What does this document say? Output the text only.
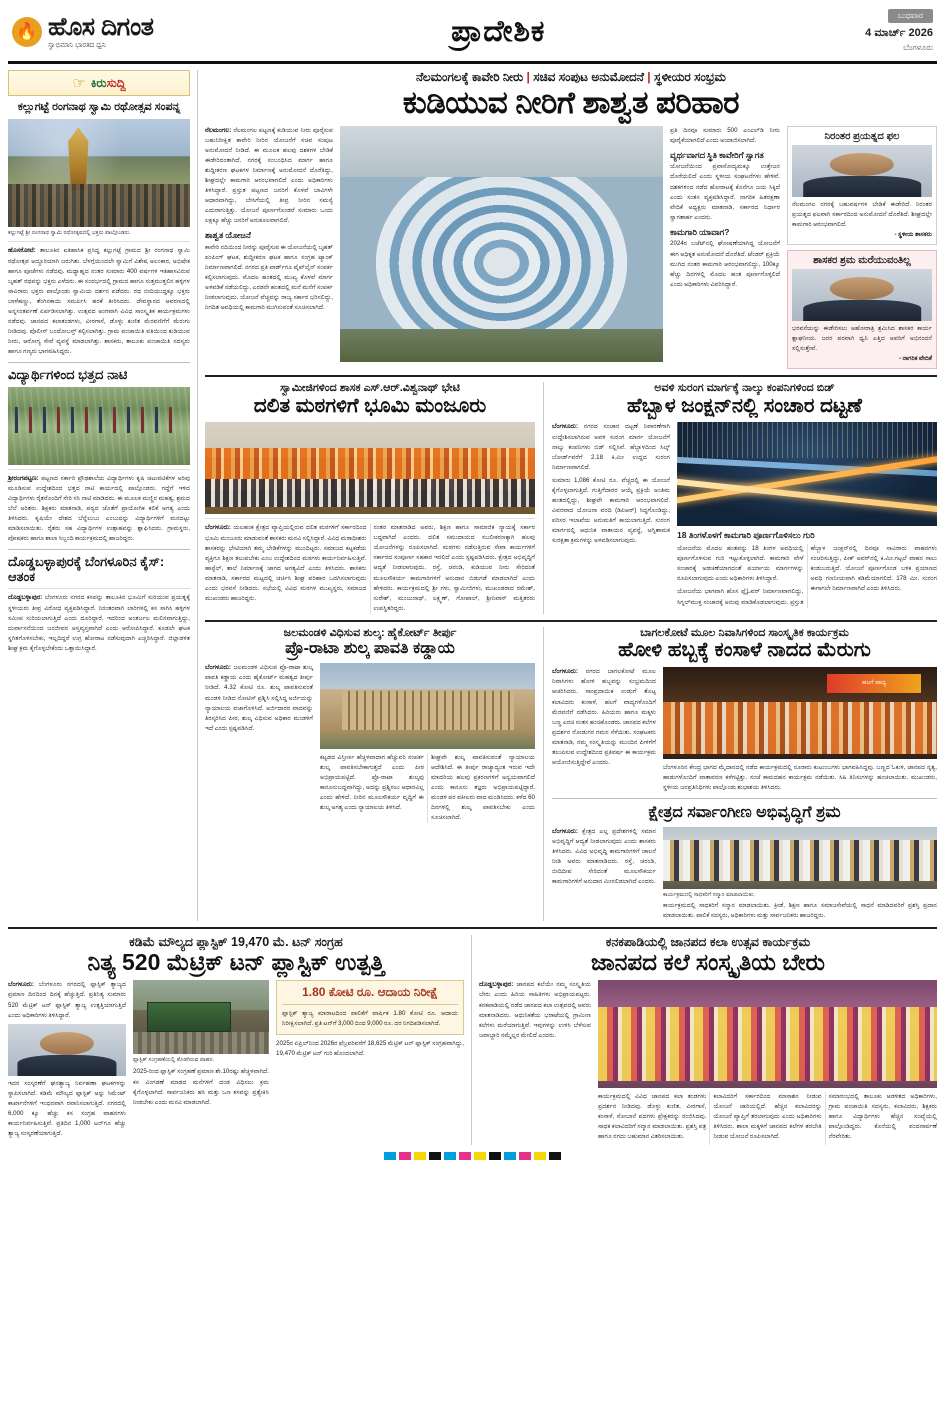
🔥 ಹೊಸ ದಿಗಂತ
ಸ್ವಾಭಿಮಾನಿ ಭಾರತದ ಧ್ವನಿ	ಪ್ರಾದೇಶಿಕ	ಬುಧವಾರ
4 ಮಾರ್ಚ್ 2026
ಬೆಂಗಳೂರು
☞ ಕಿರುಸುದ್ದಿ
ಕಲ್ಲುಗಟ್ಟೆ ರಂಗನಾಥ ಸ್ವಾಮಿ ರಥೋತ್ಸವ ಸಂಪನ್ನ
ಕಲ್ಲುಗಟ್ಟೆ ಶ್ರೀ ರಂಗನಾಥ ಸ್ವಾಮಿ ರಥೋತ್ಸವದಲ್ಲಿ ಭಕ್ತರು ಪಾಲ್ಗೊಂಡರು.

ಹೊಸಕೋಟೆ: ತಾಲೂಕಿನ ಐತಿಹಾಸಿಕ ಪ್ರಸಿದ್ಧ ಕಲ್ಲುಗಟ್ಟೆ ಗ್ರಾಮದ ಶ್ರೀ ರಂಗನಾಥ ಸ್ವಾಮಿ ರಥೋತ್ಸವ ಅದ್ಧೂರಿಯಾಗಿ ಜರುಗಿತು. ಬೆಳಗ್ಗೆಯಿಂದಲೇ ಸ್ವಾಮಿಗೆ ವಿಶೇಷ ಅಲಂಕಾರ, ಅಭಿಷೇಕ ಹಾಗೂ ಪೂಜೆಗಳು ನಡೆದವು. ಮಧ್ಯಾಹ್ನದ ನಂತರ ಸುಮಾರು 400 ವರ್ಷಗಳ ಇತಿಹಾಸವಿರುವ ಬೃಹತ್ ರಥವನ್ನು ಭಕ್ತರು ಎಳೆದರು. ಈ ಸಂದರ್ಭದಲ್ಲಿ ಗ್ರಾಮದ ಹಾಗೂ ಸುತ್ತಮುತ್ತಲಿನ ಹಳ್ಳಿಗಳ ಸಾವಿರಾರು ಭಕ್ತರು ಪಾಲ್ಗೊಂಡು ಸ್ವಾಮಿಯ ದರ್ಶನ ಪಡೆದರು. ರಥ ಬೀದಿಯುದ್ದಕ್ಕೂ ಭಕ್ತರು ಬಾಳೆಹಣ್ಣು, ತೆಂಗಿನಕಾಯಿ ಸಮರ್ಪಿಸಿ ಹರಕೆ ತೀರಿಸಿದರು. ದೇವಸ್ಥಾನದ ಆವರಣದಲ್ಲಿ ಅನ್ನಸಂತರ್ಪಣೆ ಏರ್ಪಡಿಸಲಾಗಿತ್ತು. ಉತ್ಸವದ ಅಂಗವಾಗಿ ವಿವಿಧ ಸಾಂಸ್ಕೃತಿಕ ಕಾರ್ಯಕ್ರಮಗಳು ನಡೆದವು. ಜಾನಪದ ಕಲಾತಂಡಗಳು, ವೀರಗಾಸೆ, ಡೊಳ್ಳು ಕುಣಿತ ಮೆರವಣಿಗೆಗೆ ಮೆರುಗು ನೀಡಿದವು. ಪೊಲೀಸ್ ಬಂದೋಬಸ್ತ್ ಕಲ್ಪಿಸಲಾಗಿತ್ತು. ಗ್ರಾಮ ಪಂಚಾಯಿತಿ ವತಿಯಿಂದ ಕುಡಿಯುವ ನೀರು, ಆರೋಗ್ಯ ಸೇವೆ ವ್ಯವಸ್ಥೆ ಮಾಡಲಾಗಿತ್ತು. ಶಾಸಕರು, ತಾಲೂಕು ಪಂಚಾಯಿತಿ ಸದಸ್ಯರು ಹಾಗೂ ಗಣ್ಯರು ಭಾಗವಹಿಸಿದ್ದರು.

ವಿದ್ಯಾರ್ಥಿಗಳಿಂದ ಭತ್ತದ ನಾಟಿ

ಶ್ರೀರಂಗಪಟ್ಟಣ: ಪಟ್ಟಣದ ಸರ್ಕಾರಿ ಪ್ರೌಢಶಾಲೆಯ ವಿದ್ಯಾರ್ಥಿಗಳು ಕೃಷಿ ಚಟುವಟಿಕೆಗಳ ಅರಿವು ಮೂಡಿಸುವ ಉದ್ದೇಶದಿಂದ ಭತ್ತದ ನಾಟಿ ಕಾರ್ಯದಲ್ಲಿ ಪಾಲ್ಗೊಂಡರು. ಗದ್ದೆಗೆ ಇಳಿದ ವಿದ್ಯಾರ್ಥಿಗಳು ರೈತರೊಂದಿಗೆ ಸೇರಿ ಸಸಿ ನಾಟಿ ಮಾಡಿದರು. ಈ ಮೂಲಕ ಮಣ್ಣಿನ ಮಹತ್ವ, ಶ್ರಮದ ಬೆಲೆ ಅರಿತರು. ಶಿಕ್ಷಕರು ಮಾತನಾಡಿ, ಪಠ್ಯದ ಜೊತೆಗೆ ಪ್ರಾಯೋಗಿಕ ಕಲಿಕೆ ಅಗತ್ಯ ಎಂದು ತಿಳಿಸಿದರು. ಕೃಷಿಯೇ ದೇಶದ ಬೆನ್ನೆಲುಬು ಎಂಬುದನ್ನು ವಿದ್ಯಾರ್ಥಿಗಳಿಗೆ ಮನದಟ್ಟು ಮಾಡಿಸಲಾಯಿತು. ರೈತರು ಸಹ ವಿದ್ಯಾರ್ಥಿಗಳ ಉತ್ಸಾಹವನ್ನು ಶ್ಲಾಘಿಸಿದರು. ಗ್ರಾಮಸ್ಥರು, ಪೋಷಕರು ಹಾಗೂ ಶಾಲಾ ಸಿಬ್ಬಂದಿ ಕಾರ್ಯಕ್ರಮದಲ್ಲಿ ಹಾಜರಿದ್ದರು.

ದೊಡ್ಡಬಳ್ಳಾಪುರಕ್ಕೆ ಬೆಂಗಳೂರಿನ ಕೈಸ್: ಆತಂಕ

ದೊಡ್ಡಬಳ್ಳಾಪುರ: ಬೆಂಗಳೂರು ನಗರದ ಕಸವನ್ನು ತಾಲೂಕಿನ ಭೂಮಿಗೆ ಸುರಿಯುವ ಪ್ರಯತ್ನಕ್ಕೆ ಸ್ಥಳೀಯರು ತೀವ್ರ ವಿರೋಧ ವ್ಯಕ್ತಪಡಿಸಿದ್ದಾರೆ. ನಿರಂತರವಾಗಿ ಲಾರಿಗಳಲ್ಲಿ ಕಸ ಸಾಗಿಸಿ ಹಳ್ಳಿಗಳ ಸಮೀಪ ಸುರಿಯಲಾಗುತ್ತಿದೆ ಎಂದು ದೂರಿದ್ದಾರೆ. ಇದರಿಂದ ಅಂತರ್ಜಲ ಮಲಿನವಾಗುತ್ತಿದ್ದು, ದುರ್ವಾಸನೆಯಿಂದ ಜನಜೀವನ ಅಸ್ತವ್ಯಸ್ತವಾಗಿದೆ ಎಂದು ಆರೋಪಿಸಿದ್ದಾರೆ. ಕೂಡಲೇ ಘಟಕ ಸ್ಥಗಿತಗೊಳಿಸಬೇಕು, ಇಲ್ಲದಿದ್ದರೆ ಉಗ್ರ ಹೋರಾಟ ನಡೆಸುವುದಾಗಿ ಎಚ್ಚರಿಸಿದ್ದಾರೆ. ಜಿಲ್ಲಾಡಳಿತ ಶೀಘ್ರ ಕ್ರಮ ಕೈಗೊಳ್ಳಬೇಕೆಂದು ಒತ್ತಾಯಿಸಿದ್ದಾರೆ.

ನೆಲಮಂಗಲಕ್ಕೆ ಕಾವೇರಿ ನೀರು | ಸಚಿವ ಸಂಪುಟ ಅನುಮೋದನೆ | ಸ್ಥಳೀಯರ ಸಂಭ್ರಮ
ಕುಡಿಯುವ ನೀರಿಗೆ ಶಾಶ್ವತ ಪರಿಹಾರ

ನೆಲಮಂಗಲ: ನೆಲಮಂಗಲ ಪಟ್ಟಣಕ್ಕೆ ಕುಡಿಯುವ ನೀರು ಪೂರೈಸುವ ಬಹುನಿರೀಕ್ಷಿತ ಕಾವೇರಿ ನೀರಿನ ಯೋಜನೆಗೆ ಸಚಿವ ಸಂಪುಟ ಅನುಮೋದನೆ ನೀಡಿದೆ. ಈ ಮೂಲಕ ಹಲವು ದಶಕಗಳ ಬೇಡಿಕೆ ಈಡೇರಿದಂತಾಗಿದೆ. ನಗರಕ್ಕೆ ಸಂಬಂಧಿಸಿದ ಮಾರ್ಗ ಹಾಗೂ ಶುದ್ಧೀಕರಣ ಘಟಕಗಳ ನಿರ್ಮಾಣಕ್ಕೆ ಅನುಮೋದನೆ ದೊರೆತಿದ್ದು, ಶೀಘ್ರದಲ್ಲೇ ಕಾಮಗಾರಿ ಆರಂಭವಾಗಲಿದೆ ಎಂದು ಅಧಿಕಾರಿಗಳು ತಿಳಿಸಿದ್ದಾರೆ. ಪ್ರಸ್ತುತ ಪಟ್ಟಣದ ಜನರಿಗೆ ಕೊಳವೆ ಬಾವಿಗಳೇ ಆಧಾರವಾಗಿದ್ದು, ಬೇಸಿಗೆಯಲ್ಲಿ ತೀವ್ರ ನೀರಿನ ಸಮಸ್ಯೆ ಎದುರಾಗುತ್ತಿತ್ತು. ಯೋಜನೆ ಪೂರ್ಣಗೊಂಡರೆ ಸುಮಾರು ಒಂದು ಲಕ್ಷಕ್ಕೂ ಹೆಚ್ಚು ಜನರಿಗೆ ಅನುಕೂಲವಾಗಲಿದೆ.

ಶಾಶ್ವತ ಯೋಜನೆ

ಕಾವೇರಿ ನದಿಯಿಂದ ನೀರನ್ನು ಪೂರೈಸುವ ಈ ಯೋಜನೆಯಲ್ಲಿ ಬೃಹತ್ ಪಂಪಿಂಗ್ ಘಟಕ, ಶುದ್ಧೀಕರಣ ಘಟಕ ಹಾಗೂ ಸಂಗ್ರಹ ಟ್ಯಾಂಕ್ ನಿರ್ಮಾಣವಾಗಲಿದೆ. ನಗರದ ಪ್ರತಿ ವಾರ್ಡ್‌ಗೂ ಪೈಪ್‌ಲೈನ್ ಸಂಪರ್ಕ ಕಲ್ಪಿಸಲಾಗುವುದು. ಮೊದಲ ಹಂತದಲ್ಲಿ ಮುಖ್ಯ ಕೊಳವೆ ಮಾರ್ಗ ಅಳವಡಿಕೆ ನಡೆಯಲಿದ್ದು, ಎರಡನೇ ಹಂತದಲ್ಲಿ ಮನೆ ಮನೆಗೆ ಸಂಪರ್ಕ ನೀಡಲಾಗುವುದು. ಯೋಜನೆ ವೆಚ್ಚವನ್ನು ರಾಜ್ಯ ಸರ್ಕಾರ ಭರಿಸಲಿದ್ದು, ನಿಗದಿತ ಅವಧಿಯಲ್ಲಿ ಕಾಮಗಾರಿ ಮುಗಿಸುವಂತೆ ಸೂಚಿಸಲಾಗಿದೆ.

ಪ್ರತಿ ದಿನವೂ ಸುಮಾರು 500 ಎಂಎಲ್‌ಡಿ ನೀರು ಪೂರೈಕೆಯಾಗಲಿದೆ ಎಂದು ಅಂದಾಜಿಸಲಾಗಿದೆ.

ವ್ಯರ್ಥವಾಗದ ಸ್ಥಿತಿ ಕಾವೇರಿಗೆ ಸ್ವಾಗತ

ಯೋಜನೆಯಿಂದ ಪ್ರವಾಸೋದ್ಯಮಕ್ಕೂ ಉತ್ತೇಜನ ದೊರೆಯಲಿದೆ ಎಂದು ಸ್ಥಳೀಯ ಸಂಘಟನೆಗಳು ಹೇಳಿವೆ. ದಶಕಗಳಿಂದ ನಡೆದ ಹೋರಾಟಕ್ಕೆ ಕೊನೆಗೂ ಜಯ ಸಿಕ್ಕಿದೆ ಎಂದು ಸಂತಸ ವ್ಯಕ್ತಪಡಿಸಿದ್ದಾರೆ. ನಾಗರಿಕ ಹಿತರಕ್ಷಣಾ ವೇದಿಕೆ ಅಧ್ಯಕ್ಷರು ಮಾತನಾಡಿ, ಸರ್ಕಾರದ ನಿರ್ಧಾರ ಸ್ವಾಗತಾರ್ಹ ಎಂದರು.

ಕಾಮಗಾರಿ ಯಾವಾಗ?

2024ರ ಬಜೆಟ್‌ನಲ್ಲಿ ಘೋಷಣೆಯಾಗಿದ್ದ ಯೋಜನೆಗೆ ಈಗ ಅಧಿಕೃತ ಅನುಮೋದನೆ ದೊರೆತಿದೆ. ಟೆಂಡರ್ ಪ್ರಕ್ರಿಯೆ ಮುಗಿದ ನಂತರ ಕಾಮಗಾರಿ ಆರಂಭವಾಗಲಿದ್ದು, 100ಕ್ಕೂ ಹೆಚ್ಚು ದಿನಗಳಲ್ಲಿ ಮೊದಲ ಹಂತ ಪೂರ್ಣಗೊಳ್ಳಲಿದೆ ಎಂದು ಅಧಿಕಾರಿಗಳು ವಿವರಿಸಿದ್ದಾರೆ.

ನಿರಂತರ ಪ್ರಯತ್ನದ ಫಲ
ನೆಲಮಂಗಲ ನಗರಕ್ಕೆ ಬಹುವರ್ಷಗಳ ಬೇಡಿಕೆ ಈಡೇರಿದೆ. ನಿರಂತರ ಪ್ರಯತ್ನದ ಫಲವಾಗಿ ಸರ್ಕಾರದಿಂದ ಅನುಮೋದನೆ ದೊರೆತಿದೆ. ಶೀಘ್ರದಲ್ಲೇ ಕಾಮಗಾರಿ ಆರಂಭವಾಗಲಿದೆ.
- ಸ್ಥಳೀಯ ಶಾಸಕರು
ಶಾಸಕರ ಶ್ರಮ ಮರೆಯುವಂತಿಲ್ಲ
ಭರವಸೆಯನ್ನು ಈಡೇರಿಸಲು ಅಹೋರಾತ್ರಿ ಶ್ರಮಿಸಿದ ಶಾಸಕರ ಕಾರ್ಯ ಶ್ಲಾಘನೀಯ. ಜನರ ಪರವಾಗಿ ಧ್ವನಿ ಎತ್ತಿದ ಅವರಿಗೆ ಅಭಿನಂದನೆ ಸಲ್ಲಿಸುತ್ತೇವೆ.
- ನಾಗರಿಕ ವೇದಿಕೆ
ಸ್ವಾಮೀಜಿಗಳಿಂದ ಶಾಸಕ ಎಸ್.ಆರ್.ವಿಶ್ವನಾಥ್ ಭೇಟಿ
ದಲಿತ ಮಠಗಳಿಗೆ ಭೂಮಿ ಮಂಜೂರು

ಬೆಂಗಳೂರು: ಯಲಹಂಕ ಕ್ಷೇತ್ರದ ವ್ಯಾಪ್ತಿಯಲ್ಲಿರುವ ದಲಿತ ಮಠಗಳಿಗೆ ಸರ್ಕಾರದಿಂದ ಭೂಮಿ ಮಂಜೂರು ಮಾಡುವಂತೆ ಶಾಸಕರು ಮನವಿ ಸಲ್ಲಿಸಿದ್ದಾರೆ. ವಿವಿಧ ಮಠಾಧೀಶರು ಶಾಸಕರನ್ನು ಭೇಟಿಯಾಗಿ ತಮ್ಮ ಬೇಡಿಕೆಗಳನ್ನು ಮುಂದಿಟ್ಟರು. ಸಮಾಜದ ಕಟ್ಟಕಡೆಯ ವ್ಯಕ್ತಿಗೂ ಶಿಕ್ಷಣ ತಲುಪಬೇಕು ಎಂಬ ಉದ್ದೇಶದಿಂದ ಮಠಗಳು ಕಾರ್ಯನಿರ್ವಹಿಸುತ್ತಿವೆ. ಹಾಸ್ಟೆಲ್, ಶಾಲೆ ನಿರ್ಮಾಣಕ್ಕೆ ಜಾಗದ ಅಗತ್ಯವಿದೆ ಎಂದು ತಿಳಿಸಿದರು. ಶಾಸಕರು ಮಾತನಾಡಿ, ಸರ್ಕಾರದ ಮಟ್ಟದಲ್ಲಿ ಚರ್ಚಿಸಿ ಶೀಘ್ರ ಪರಿಹಾರ ಒದಗಿಸಲಾಗುವುದು ಎಂದು ಭರವಸೆ ನೀಡಿದರು. ಸಭೆಯಲ್ಲಿ ವಿವಿಧ ಮಠಗಳ ಮುಖ್ಯಸ್ಥರು, ಸಮಾಜದ ಮುಖಂಡರು ಹಾಜರಿದ್ದರು.

ನಂತರ ಮಾತನಾಡಿದ ಅವರು, ಶಿಕ್ಷಣ ಹಾಗೂ ಸಾಮಾಜಿಕ ನ್ಯಾಯಕ್ಕೆ ಸರ್ಕಾರ ಬದ್ಧವಾಗಿದೆ ಎಂದರು. ದಲಿತ ಸಮುದಾಯದ ಸಬಲೀಕರಣಕ್ಕಾಗಿ ಹಲವು ಯೋಜನೆಗಳನ್ನು ರೂಪಿಸಲಾಗಿದೆ. ಮಠಗಳು ನಡೆಸುತ್ತಿರುವ ಸೇವಾ ಕಾರ್ಯಗಳಿಗೆ ಸರ್ಕಾರದ ಸಂಪೂರ್ಣ ಸಹಕಾರ ಇರಲಿದೆ ಎಂದು ಸ್ಪಷ್ಟಪಡಿಸಿದರು. ಕ್ಷೇತ್ರದ ಅಭಿವೃದ್ಧಿಗೆ ಆದ್ಯತೆ ನೀಡಲಾಗುವುದು. ರಸ್ತೆ, ಚರಂಡಿ, ಕುಡಿಯುವ ನೀರು ಸೇರಿದಂತೆ ಮೂಲಸೌಕರ್ಯ ಕಾಮಗಾರಿಗಳಿಗೆ ಅನುದಾನ ಬಿಡುಗಡೆ ಮಾಡಲಾಗಿದೆ ಎಂದು ಹೇಳಿದರು. ಕಾರ್ಯಕ್ರಮದಲ್ಲಿ ಶ್ರೀ ಗಳು, ಸ್ವಾಮೀಜಿಗಳು, ಮುಖಂಡರಾದ ರಮೇಶ್, ಸುರೇಶ್, ಮಂಜುನಾಥ್, ಲಕ್ಷ್ಮಣ್, ಗೋಪಾಲ್, ಶ್ರೀನಿವಾಸ್ ಮತ್ತಿತರರು ಉಪಸ್ಥಿತರಿದ್ದರು.

ಅವಳಿ ಸುರಂಗ ಮಾರ್ಗಕ್ಕೆ ನಾಲ್ಕು ಕಂಪನಿಗಳಿಂದ ಬಿಡ್
ಹೆಬ್ಬಾಳ ಜಂಕ್ಷನ್‌ನಲ್ಲಿ ಸಂಚಾರ ದಟ್ಟಣೆ

ಬೆಂಗಳೂರು: ನಗರದ ಸಂಚಾರ ದಟ್ಟಣೆ ನಿವಾರಣೆಗಾಗಿ ಉದ್ದೇಶಿಸಲಾಗಿರುವ ಅವಳಿ ಸುರಂಗ ಮಾರ್ಗ ಯೋಜನೆಗೆ ನಾಲ್ಕು ಕಂಪನಿಗಳು ಬಿಡ್ ಸಲ್ಲಿಸಿವೆ. ಹೆಬ್ಬಾಳದಿಂದ ಸಿಲ್ಕ್ ಬೋರ್ಡ್‌ವರೆಗೆ 2.18 ಕಿ.ಮೀ ಉದ್ದದ ಸುರಂಗ ನಿರ್ಮಾಣವಾಗಲಿದೆ.

ಸುಮಾರು 1,086 ಕೋಟಿ ರೂ. ವೆಚ್ಚದಲ್ಲಿ ಈ ಯೋಜನೆ ಕೈಗೊಳ್ಳಲಾಗುತ್ತಿದೆ. ಗುತ್ತಿಗೆದಾರರ ಆಯ್ಕೆ ಪ್ರಕ್ರಿಯೆ ಅಂತಿಮ ಹಂತದಲ್ಲಿದ್ದು, ಶೀಘ್ರವೇ ಕಾಮಗಾರಿ ಆರಂಭವಾಗಲಿದೆ. ವಿವರವಾದ ಯೋಜನಾ ವರದಿ (ಡಿಪಿಆರ್) ಸಿದ್ಧಗೊಂಡಿದ್ದು, ಪರಿಸರ ಇಲಾಖೆಯ ಅನುಮತಿಗೆ ಕಾಯಲಾಗುತ್ತಿದೆ. ಸುರಂಗ ಮಾರ್ಗದಲ್ಲಿ ಆಧುನಿಕ ವಾತಾಯನ ವ್ಯವಸ್ಥೆ, ಅಗ್ನಿಶಾಮಕ ಸುರಕ್ಷತಾ ಕ್ರಮಗಳನ್ನು ಅಳವಡಿಸಲಾಗುವುದು.

18 ತಿಂಗಳೊಳಗೆ ಕಾಮಗಾರಿ ಪೂರ್ಣಗೊಳಿಸಲು ಗುರಿ

ಯೋಜನೆಯ ಮೊದಲ ಹಂತವನ್ನು 18 ತಿಂಗಳ ಅವಧಿಯಲ್ಲಿ ಪೂರ್ಣಗೊಳಿಸುವ ಗುರಿ ಇಟ್ಟುಕೊಳ್ಳಲಾಗಿದೆ. ಕಾಮಗಾರಿ ವೇಳೆ ಸಂಚಾರಕ್ಕೆ ಅಡಚಣೆಯಾಗದಂತೆ ಪರ್ಯಾಯ ಮಾರ್ಗಗಳನ್ನು ರೂಪಿಸಲಾಗುವುದು ಎಂದು ಅಧಿಕಾರಿಗಳು ತಿಳಿಸಿದ್ದಾರೆ.

ಯೋಜನೆಯ ಭಾಗವಾಗಿ ಹೊಸ ಫ್ಲೈಓವರ್ ನಿರ್ಮಾಣವಾಗಲಿದ್ದು, ಸಿಗ್ನಲ್‌ಮುಕ್ತ ಸಂಚಾರಕ್ಕೆ ಅನುವು ಮಾಡಿಕೊಡಲಾಗುವುದು. ಪ್ರಸ್ತುತ ಹೆಬ್ಬಾಳ ಜಂಕ್ಷನ್‌ನಲ್ಲಿ ದಿನವೂ ಸಾವಿರಾರು ವಾಹನಗಳು ಸಂಚರಿಸುತ್ತಿದ್ದು, ಪೀಕ್ ಅವರ್‌ನಲ್ಲಿ ಕಿ.ಮೀ.ಗಟ್ಟಲೆ ವಾಹನ ಸಾಲು ಕಂಡುಬರುತ್ತಿದೆ. ಯೋಜನೆ ಪೂರ್ಣಗೊಂಡ ಬಳಿಕ ಪ್ರಯಾಣದ ಅವಧಿ ಗಣನೀಯವಾಗಿ ಕಡಿಮೆಯಾಗಲಿದೆ. 178 ಮೀ. ಸುರಂಗ ಈಗಾಗಲೇ ನಿರ್ಮಾಣವಾಗಿದೆ ಎಂದು ತಿಳಿಸಿದರು.

ಜಲಮಂಡಳಿ ವಿಧಿಸುವ ಶುಲ್ಕ: ಹೈಕೋರ್ಟ್ ತೀರ್ಪು
ಪ್ರೊ-ರಾಟಾ ಶುಲ್ಕ ಪಾವತಿ ಕಡ್ಡಾಯ

ಬೆಂಗಳೂರು: ಜಲಮಂಡಳಿ ವಿಧಿಸುವ ಪ್ರೊ-ರಾಟಾ ಶುಲ್ಕ ಪಾವತಿ ಕಡ್ಡಾಯ ಎಂದು ಹೈಕೋರ್ಟ್ ಮಹತ್ವದ ತೀರ್ಪು ನೀಡಿದೆ. 4.32 ಕೋಟಿ ರೂ. ಶುಲ್ಕ ಪಾವತಿಸುವಂತೆ ಮಂಡಳಿ ನೀಡಿದ ನೋಟಿಸ್ ಪ್ರಶ್ನಿಸಿ ಸಲ್ಲಿಸಿದ್ದ ಅರ್ಜಿಯನ್ನು ನ್ಯಾಯಾಲಯ ವಜಾಗೊಳಿಸಿದೆ. ಅರ್ಜಿದಾರರ ವಾದವನ್ನು ತಿರಸ್ಕರಿಸಿದ ಪೀಠ, ಶುಲ್ಕ ವಿಧಿಸುವ ಅಧಿಕಾರ ಮಂಡಳಿಗೆ ಇದೆ ಎಂದು ಸ್ಪಷ್ಟಪಡಿಸಿದೆ.

ಕಟ್ಟಡದ ವಿಸ್ತೀರ್ಣ ಹೆಚ್ಚಳವಾದಾಗ ಹೆಚ್ಚುವರಿ ಸಂಪರ್ಕ ಶುಲ್ಕ ಪಾವತಿಸಬೇಕಾಗುತ್ತದೆ ಎಂದು ಪೀಠ ಅಭಿಪ್ರಾಯಪಟ್ಟಿದೆ. ಪ್ರೊ-ರಾಟಾ ಶುಲ್ಕವು ಕಾನೂನುಬದ್ಧವಾಗಿದ್ದು, ಅದನ್ನು ಪ್ರಶ್ನಿಸಲು ಆಧಾರವಿಲ್ಲ ಎಂದು ಹೇಳಿದೆ. ನೀರಿನ ಮೂಲಸೌಕರ್ಯ ವೃದ್ಧಿಗೆ ಈ ಶುಲ್ಕ ಅಗತ್ಯ ಎಂದು ನ್ಯಾಯಾಲಯ ತಿಳಿಸಿದೆ.

ಶೀಘ್ರವೇ ಶುಲ್ಕ ಪಾವತಿಸುವಂತೆ ನ್ಯಾಯಾಲಯ ಆದೇಶಿಸಿದೆ. ಈ ತೀರ್ಪು ರಾಜ್ಯಾದ್ಯಂತ ಇರುವ ಇದೇ ಮಾದರಿಯ ಹಲವು ಪ್ರಕರಣಗಳಿಗೆ ಅನ್ವಯವಾಗಲಿದೆ ಎಂದು ಕಾನೂನು ತಜ್ಞರು ಅಭಿಪ್ರಾಯಪಟ್ಟಿದ್ದಾರೆ. ಮಂಡಳಿ ಪರ ವಕೀಲರು ವಾದ ಮಂಡಿಸಿದರು. ಕಳೆದ 60 ದಿನಗಳಲ್ಲಿ ಶುಲ್ಕ ಪಾವತಿಸಬೇಕು ಎಂದು ಸೂಚಿಸಲಾಗಿದೆ.

ಬಾಗಲಕೋಟೆ ಮೂಲ ನಿವಾಸಿಗಳಿಂದ ಸಾಂಸ್ಕೃತಿಕ ಕಾರ್ಯಕ್ರಮ
ಹೋಳಿ ಹಬ್ಬಕ್ಕೆ ಕಂಸಾಳೆ ನಾದದ ಮೆರುಗು

ಬೆಂಗಳೂರು: ನಗರದ ಬಾಗಲಕೋಟೆ ಮೂಲ ನಿವಾಸಿಗಳು ಹೋಳಿ ಹಬ್ಬವನ್ನು ಸಂಭ್ರಮದಿಂದ ಆಚರಿಸಿದರು. ಸಾಂಪ್ರದಾಯಿಕ ಉಡುಗೆ ತೊಟ್ಟ ಕಲಾವಿದರು ಕಂಸಾಳೆ, ಹಲಗೆ ವಾದ್ಯಗಳೊಂದಿಗೆ ಮೆರವಣಿಗೆ ನಡೆಸಿದರು. ಹಿರಿಯರು ಹಾಗೂ ಮಕ್ಕಳು ಬಣ್ಣ ಎರಚಿ ಸಂತಸ ಹಂಚಿಕೊಂಡರು. ಜಾನಪದ ಕಲೆಗಳ ಪ್ರದರ್ಶನ ನೋಡುಗರ ಗಮನ ಸೆಳೆಯಿತು. ಸಂಘಟಕರು ಮಾತನಾಡಿ, ನಮ್ಮ ಸಂಸ್ಕೃತಿಯನ್ನು ಮುಂದಿನ ಪೀಳಿಗೆಗೆ ತಲುಪಿಸುವ ಉದ್ದೇಶದಿಂದ ಪ್ರತಿವರ್ಷ ಈ ಕಾರ್ಯಕ್ರಮ ಆಯೋಜಿಸುತ್ತಿದ್ದೇವೆ ಎಂದರು.

ಹಲಗೆ ವಾದ್ಯ
ಬೆಂಗಳೂರಿನ ಕೇಂದ್ರ ಭಾಗದ ಮೈದಾನದಲ್ಲಿ ನಡೆದ ಕಾರ್ಯಕ್ರಮದಲ್ಲಿ ನೂರಾರು ಕುಟುಂಬಗಳು ಭಾಗವಹಿಸಿದ್ದವು. ಬಣ್ಣದ ಓಕುಳಿ, ಜಾನಪದ ನೃತ್ಯ, ಹಾಡುಗಳೊಂದಿಗೆ ವಾತಾವರಣ ಕಳೆಗಟ್ಟಿತ್ತು. ಸಂಜೆ ಕಾಮದಹನ ಕಾರ್ಯಕ್ರಮ ನಡೆಯಿತು. ಸಿಹಿ ತಿನಿಸುಗಳನ್ನು ಹಂಚಲಾಯಿತು. ಮುಖಂಡರು, ಸ್ಥಳೀಯ ಜನಪ್ರತಿನಿಧಿಗಳು ಪಾಲ್ಗೊಂಡು ಶುಭಾಶಯ ತಿಳಿಸಿದರು.
ಕ್ಷೇತ್ರದ ಸರ್ವಾಂಗೀಣ ಅಭಿವೃದ್ಧಿಗೆ ಶ್ರಮ

ಬೆಂಗಳೂರು: ಕ್ಷೇತ್ರದ ಎಲ್ಲ ಪ್ರದೇಶಗಳಲ್ಲಿ ಸಮಾನ ಅಭಿವೃದ್ಧಿಗೆ ಆದ್ಯತೆ ನೀಡಲಾಗುವುದು ಎಂದು ಶಾಸಕರು ತಿಳಿಸಿದರು. ವಿವಿಧ ಅಭಿವೃದ್ಧಿ ಕಾಮಗಾರಿಗಳಿಗೆ ಚಾಲನೆ ನೀಡಿ ಅವರು ಮಾತನಾಡಿದರು. ರಸ್ತೆ, ಚರಂಡಿ, ಬೀದಿದೀಪ ಸೇರಿದಂತೆ ಮೂಲಸೌಕರ್ಯ ಕಾಮಗಾರಿಗಳಿಗೆ ಅನುದಾನ ಮೀಸಲಿಡಲಾಗಿದೆ ಎಂದರು.

ಕಾರ್ಯಕ್ರಮದಲ್ಲಿ ಸಾಧಕರಿಗೆ ಸನ್ಮಾನ ಮಾಡಲಾಯಿತು.
ಕಾರ್ಯಕ್ರಮದಲ್ಲಿ ಸಾಧಕರಿಗೆ ಸನ್ಮಾನ ಮಾಡಲಾಯಿತು. ಕ್ರೀಡೆ, ಶಿಕ್ಷಣ ಹಾಗೂ ಸಮಾಜಸೇವೆಯಲ್ಲಿ ಸಾಧನೆ ಮಾಡಿದವರಿಗೆ ಪ್ರಶಸ್ತಿ ಪ್ರದಾನ ಮಾಡಲಾಯಿತು. ಪಾಲಿಕೆ ಸದಸ್ಯರು, ಅಧಿಕಾರಿಗಳು ಮತ್ತು ಸಾರ್ವಜನಿಕರು ಹಾಜರಿದ್ದರು.
ಕಡಿಮೆ ಮೌಲ್ಯದ ಪ್ಲಾಸ್ಟಿಕ್ 19,470 ಮೆ. ಟನ್ ಸಂಗ್ರಹ
ನಿತ್ಯ 520 ಮೆಟ್ರಿಕ್ ಟನ್ ಪ್ಲಾಸ್ಟಿಕ್ ಉತ್ಪತ್ತಿ

ಬೆಂಗಳೂರು: ಬೆಂಗಳೂರು ನಗರದಲ್ಲಿ ಪ್ಲಾಸ್ಟಿಕ್ ತ್ಯಾಜ್ಯದ ಪ್ರಮಾಣ ದಿನದಿಂದ ದಿನಕ್ಕೆ ಹೆಚ್ಚುತ್ತಿದೆ. ಪ್ರತಿನಿತ್ಯ ಸುಮಾರು 520 ಮೆಟ್ರಿಕ್ ಟನ್ ಪ್ಲಾಸ್ಟಿಕ್ ತ್ಯಾಜ್ಯ ಉತ್ಪತ್ತಿಯಾಗುತ್ತಿದೆ ಎಂದು ಅಧಿಕಾರಿಗಳು ತಿಳಿಸಿದ್ದಾರೆ.

ಇದರ ಸಂಸ್ಕರಣೆಗೆ ಘನತ್ಯಾಜ್ಯ ನಿರ್ವಹಣಾ ಘಟಕಗಳನ್ನು ಸ್ಥಾಪಿಸಲಾಗಿದೆ. ಕಡಿಮೆ ಮೌಲ್ಯದ ಪ್ಲಾಸ್ಟಿಕ್ ಅನ್ನು ಸಿಮೆಂಟ್ ಕಾರ್ಖಾನೆಗಳಿಗೆ ಇಂಧನವಾಗಿ ರವಾನಿಸಲಾಗುತ್ತಿದೆ. ನಗರದಲ್ಲಿ 6,000 ಕ್ಕೂ ಹೆಚ್ಚು ಕಸ ಸಂಗ್ರಹ ವಾಹನಗಳು ಕಾರ್ಯನಿರ್ವಹಿಸುತ್ತಿವೆ. ಪ್ರತಿದಿನ 1,000 ಟನ್‌ಗೂ ಹೆಚ್ಚು ತ್ಯಾಜ್ಯ ಸಂಸ್ಕರಣೆಯಾಗುತ್ತಿದೆ.
ಪ್ಲಾಸ್ಟಿಕ್ ಸಂಗ್ರಹಣೆಯಲ್ಲಿ ತೊಡಗಿರುವ ವಾಹನ.
2025-ರಿಂದ ಪ್ಲಾಸ್ಟಿಕ್ ಸಂಗ್ರಹಣೆ ಪ್ರಮಾಣ ಶೇ.10ರಷ್ಟು ಹೆಚ್ಚಳವಾಗಿದೆ. ಕಸ ವಿಂಗಡಣೆ ಮಾಡದ ಮನೆಗಳಿಗೆ ದಂಡ ವಿಧಿಸಲು ಕ್ರಮ ಕೈಗೊಳ್ಳಲಾಗಿದೆ. ಸಾರ್ವಜನಿಕರು ಹಸಿ ಮತ್ತು ಒಣ ಕಸವನ್ನು ಪ್ರತ್ಯೇಕಿಸಿ ನೀಡಬೇಕು ಎಂದು ಮನವಿ ಮಾಡಲಾಗಿದೆ.
1.80 ಕೋಟಿ ರೂ. ಆದಾಯ ನಿರೀಕ್ಷೆ
ಪ್ಲಾಸ್ಟಿಕ್ ತ್ಯಾಜ್ಯ ಮಾರಾಟದಿಂದ ಪಾಲಿಕೆಗೆ ವಾರ್ಷಿಕ 1.80 ಕೋಟಿ ರೂ. ಆದಾಯ ನಿರೀಕ್ಷಿಸಲಾಗಿದೆ. ಪ್ರತಿ ಟನ್‌ಗೆ 3,000 ದಿಂದ 9,000 ರೂ. ದರ ನಿಗದಿಪಡಿಸಲಾಗಿದೆ.
2025ರ ಏಪ್ರಿಲ್‌ನಿಂದ 2026ರ ಫೆಬ್ರವರಿವರೆಗೆ 18,625 ಮೆಟ್ರಿಕ್ ಟನ್ ಪ್ಲಾಸ್ಟಿಕ್ ಸಂಗ್ರಹವಾಗಿದ್ದು, 19,470 ಮೆಟ್ರಿಕ್ ಟನ್ ಗುರಿ ಹೊಂದಲಾಗಿದೆ.
ಕನಕಪಾಡಿಯಲ್ಲಿ ಜಾನಪದ ಕಲಾ ಉತ್ಸವ ಕಾರ್ಯಕ್ರಮ
ಜಾನಪದ ಕಲೆ ಸಂಸ್ಕೃತಿಯ ಬೇರು

ದೊಡ್ಡಬಳ್ಳಾಪುರ: ಜಾನಪದ ಕಲೆಯೇ ನಮ್ಮ ಸಂಸ್ಕೃತಿಯ ಬೇರು ಎಂದು ಹಿರಿಯ ಸಾಹಿತಿಗಳು ಅಭಿಪ್ರಾಯಪಟ್ಟರು. ಕನಕಪಾಡಿಯಲ್ಲಿ ನಡೆದ ಜಾನಪದ ಕಲಾ ಉತ್ಸವದಲ್ಲಿ ಅವರು ಮಾತನಾಡಿದರು. ಆಧುನಿಕತೆಯ ಭರಾಟೆಯಲ್ಲಿ ಗ್ರಾಮೀಣ ಕಲೆಗಳು ಮರೆಯಾಗುತ್ತಿವೆ. ಇವುಗಳನ್ನು ಉಳಿಸಿ ಬೆಳೆಸುವ ಜವಾಬ್ದಾರಿ ನಮ್ಮೆಲ್ಲರ ಮೇಲಿದೆ ಎಂದರು.

ಕಾರ್ಯಕ್ರಮದಲ್ಲಿ ವಿವಿಧ ಜಾನಪದ ಕಲಾ ತಂಡಗಳು ಪ್ರದರ್ಶನ ನೀಡಿದವು. ಡೊಳ್ಳು ಕುಣಿತ, ವೀರಗಾಸೆ, ಕಂಸಾಳೆ, ಸೋಬಾನೆ ಪದಗಳು ಪ್ರೇಕ್ಷಕರನ್ನು ರಂಜಿಸಿದವು. ಸಾಧಕ ಕಲಾವಿದರಿಗೆ ಸನ್ಮಾನ ಮಾಡಲಾಯಿತು. ಪ್ರಶಸ್ತಿ ಪತ್ರ ಹಾಗೂ ನಗದು ಬಹುಮಾನ ವಿತರಿಸಲಾಯಿತು.

ಕಲಾವಿದರಿಗೆ ಸರ್ಕಾರದಿಂದ ಮಾಸಾಶನ ನೀಡುವ ಯೋಜನೆ ಜಾರಿಯಲ್ಲಿದೆ. ಹೆಚ್ಚಿನ ಕಲಾವಿದರನ್ನು ಯೋಜನೆ ವ್ಯಾಪ್ತಿಗೆ ತರಲಾಗುವುದು ಎಂದು ಅಧಿಕಾರಿಗಳು ತಿಳಿಸಿದರು. ಶಾಲಾ ಮಕ್ಕಳಿಗೆ ಜಾನಪದ ಕಲೆಗಳ ತರಬೇತಿ ನೀಡುವ ಯೋಜನೆ ರೂಪಿಸಲಾಗಿದೆ.

ಸಮಾರಂಭದಲ್ಲಿ ತಾಲೂಕು ಆಡಳಿತದ ಅಧಿಕಾರಿಗಳು, ಗ್ರಾಮ ಪಂಚಾಯಿತಿ ಸದಸ್ಯರು, ಕಲಾವಿದರು, ಶಿಕ್ಷಕರು ಹಾಗೂ ವಿದ್ಯಾರ್ಥಿಗಳು ಹೆಚ್ಚಿನ ಸಂಖ್ಯೆಯಲ್ಲಿ ಪಾಲ್ಗೊಂಡಿದ್ದರು. ಕೊನೆಯಲ್ಲಿ ವಂದನಾರ್ಪಣೆ ನೆರವೇರಿತು.
